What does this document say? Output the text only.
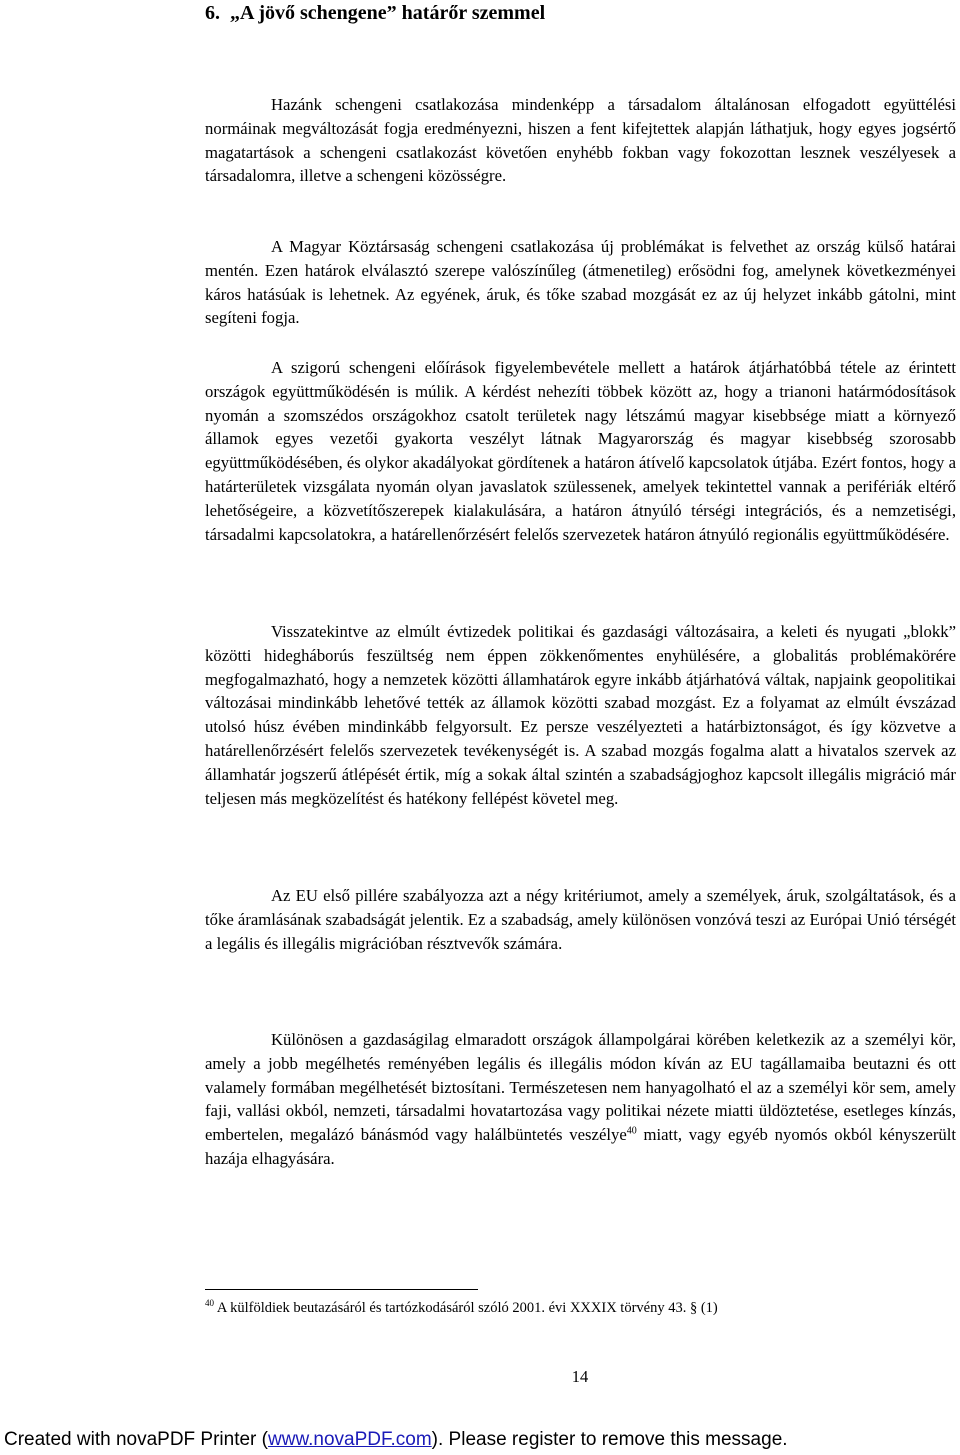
6. „A jövő schengene” határőr szemmel

Hazánk schengeni csatlakozása mindenképp a társadalom általánosan elfogadott együttélési normáinak megváltozását fogja eredményezni, hiszen a fent kifejtettek alapján láthatjuk, hogy egyes jogsértő magatartások a schengeni csatlakozást követően enyhébb fokban vagy fokozottan lesznek veszélyesek a társadalomra, illetve a schengeni közösségre.

A Magyar Köztársaság schengeni csatlakozása új problémákat is felvethet az ország külső határai mentén. Ezen határok elválasztó szerepe valószínűleg (átmenetileg) erősödni fog, amelynek következményei káros hatásúak is lehetnek. Az egyének, áruk, és tőke szabad mozgását ez az új helyzet inkább gátolni, mint segíteni fogja.

A szigorú schengeni előírások figyelembevétele mellett a határok átjárhatóbbá tétele az érintett országok együttműködésén is múlik. A kérdést nehezíti többek között az, hogy a trianoni határmódosítások nyomán a szomszédos országokhoz csatolt területek nagy létszámú magyar kisebbsége miatt a környező államok egyes vezetői gyakorta veszélyt látnak Magyarország és magyar kisebbség szorosabb együttműködésében, és olykor akadályokat gördítenek a határon átívelő kapcsolatok útjába. Ezért fontos, hogy a határterületek vizsgálata nyomán olyan javaslatok szülessenek, amelyek tekintettel vannak a perifériák eltérő lehetőségeire, a közvetítőszerepek kialakulására, a határon átnyúló térségi integrációs, és a nemzetiségi, társadalmi kapcsolatokra, a határellenőrzésért felelős szervezetek határon átnyúló regionális együttműködésére.

Visszatekintve az elmúlt évtizedek politikai és gazdasági változásaira, a keleti és nyugati „blokk” közötti hidegháborús feszültség nem éppen zökkenőmentes enyhülésére, a globalitás problémakörére megfogalmazható, hogy a nemzetek közötti államhatárok egyre inkább átjárhatóvá váltak, napjaink geopolitikai változásai mindinkább lehetővé tették az államok közötti szabad mozgást. Ez a folyamat az elmúlt évszázad utolsó húsz évében mindinkább felgyorsult. Ez persze veszélyezteti a határbiztonságot, és így közvetve a határellenőrzésért felelős szervezetek tevékenységét is. A szabad mozgás fogalma alatt a hivatalos szervek az államhatár jogszerű átlépését értik, míg a sokak által szintén a szabadságjoghoz kapcsolt illegális migráció már teljesen más megközelítést és hatékony fellépést követel meg.

Az EU első pillére szabályozza azt a négy kritériumot, amely a személyek, áruk, szolgáltatások, és a tőke áramlásának szabadságát jelentik. Ez a szabadság, amely különösen vonzóvá teszi az Európai Unió térségét a legális és illegális migrációban résztvevők számára.

Különösen a gazdaságilag elmaradott országok állampolgárai körében keletkezik az a személyi kör, amely a jobb megélhetés reményében legális és illegális módon kíván az EU tagállamaiba beutazni és ott valamely formában megélhetését biztosítani. Természetesen nem hanyagolható el az a személyi kör sem, amely faji, vallási okból, nemzeti, társadalmi hovatartozása vagy politikai nézete miatti üldöztetése, esetleges kínzás, embertelen, megalázó bánásmód vagy halálbüntetés veszélye$^{40}$ miatt, vagy egyéb nyomós okból kényszerült hazája elhagyására.

$^{40}$ A külföldiek beutazásáról és tartózkodásáról szóló 2001. évi XXXIX törvény 43. § (1)
14
Created with novaPDF Printer (www.novaPDF.com). Please register to remove this message.
